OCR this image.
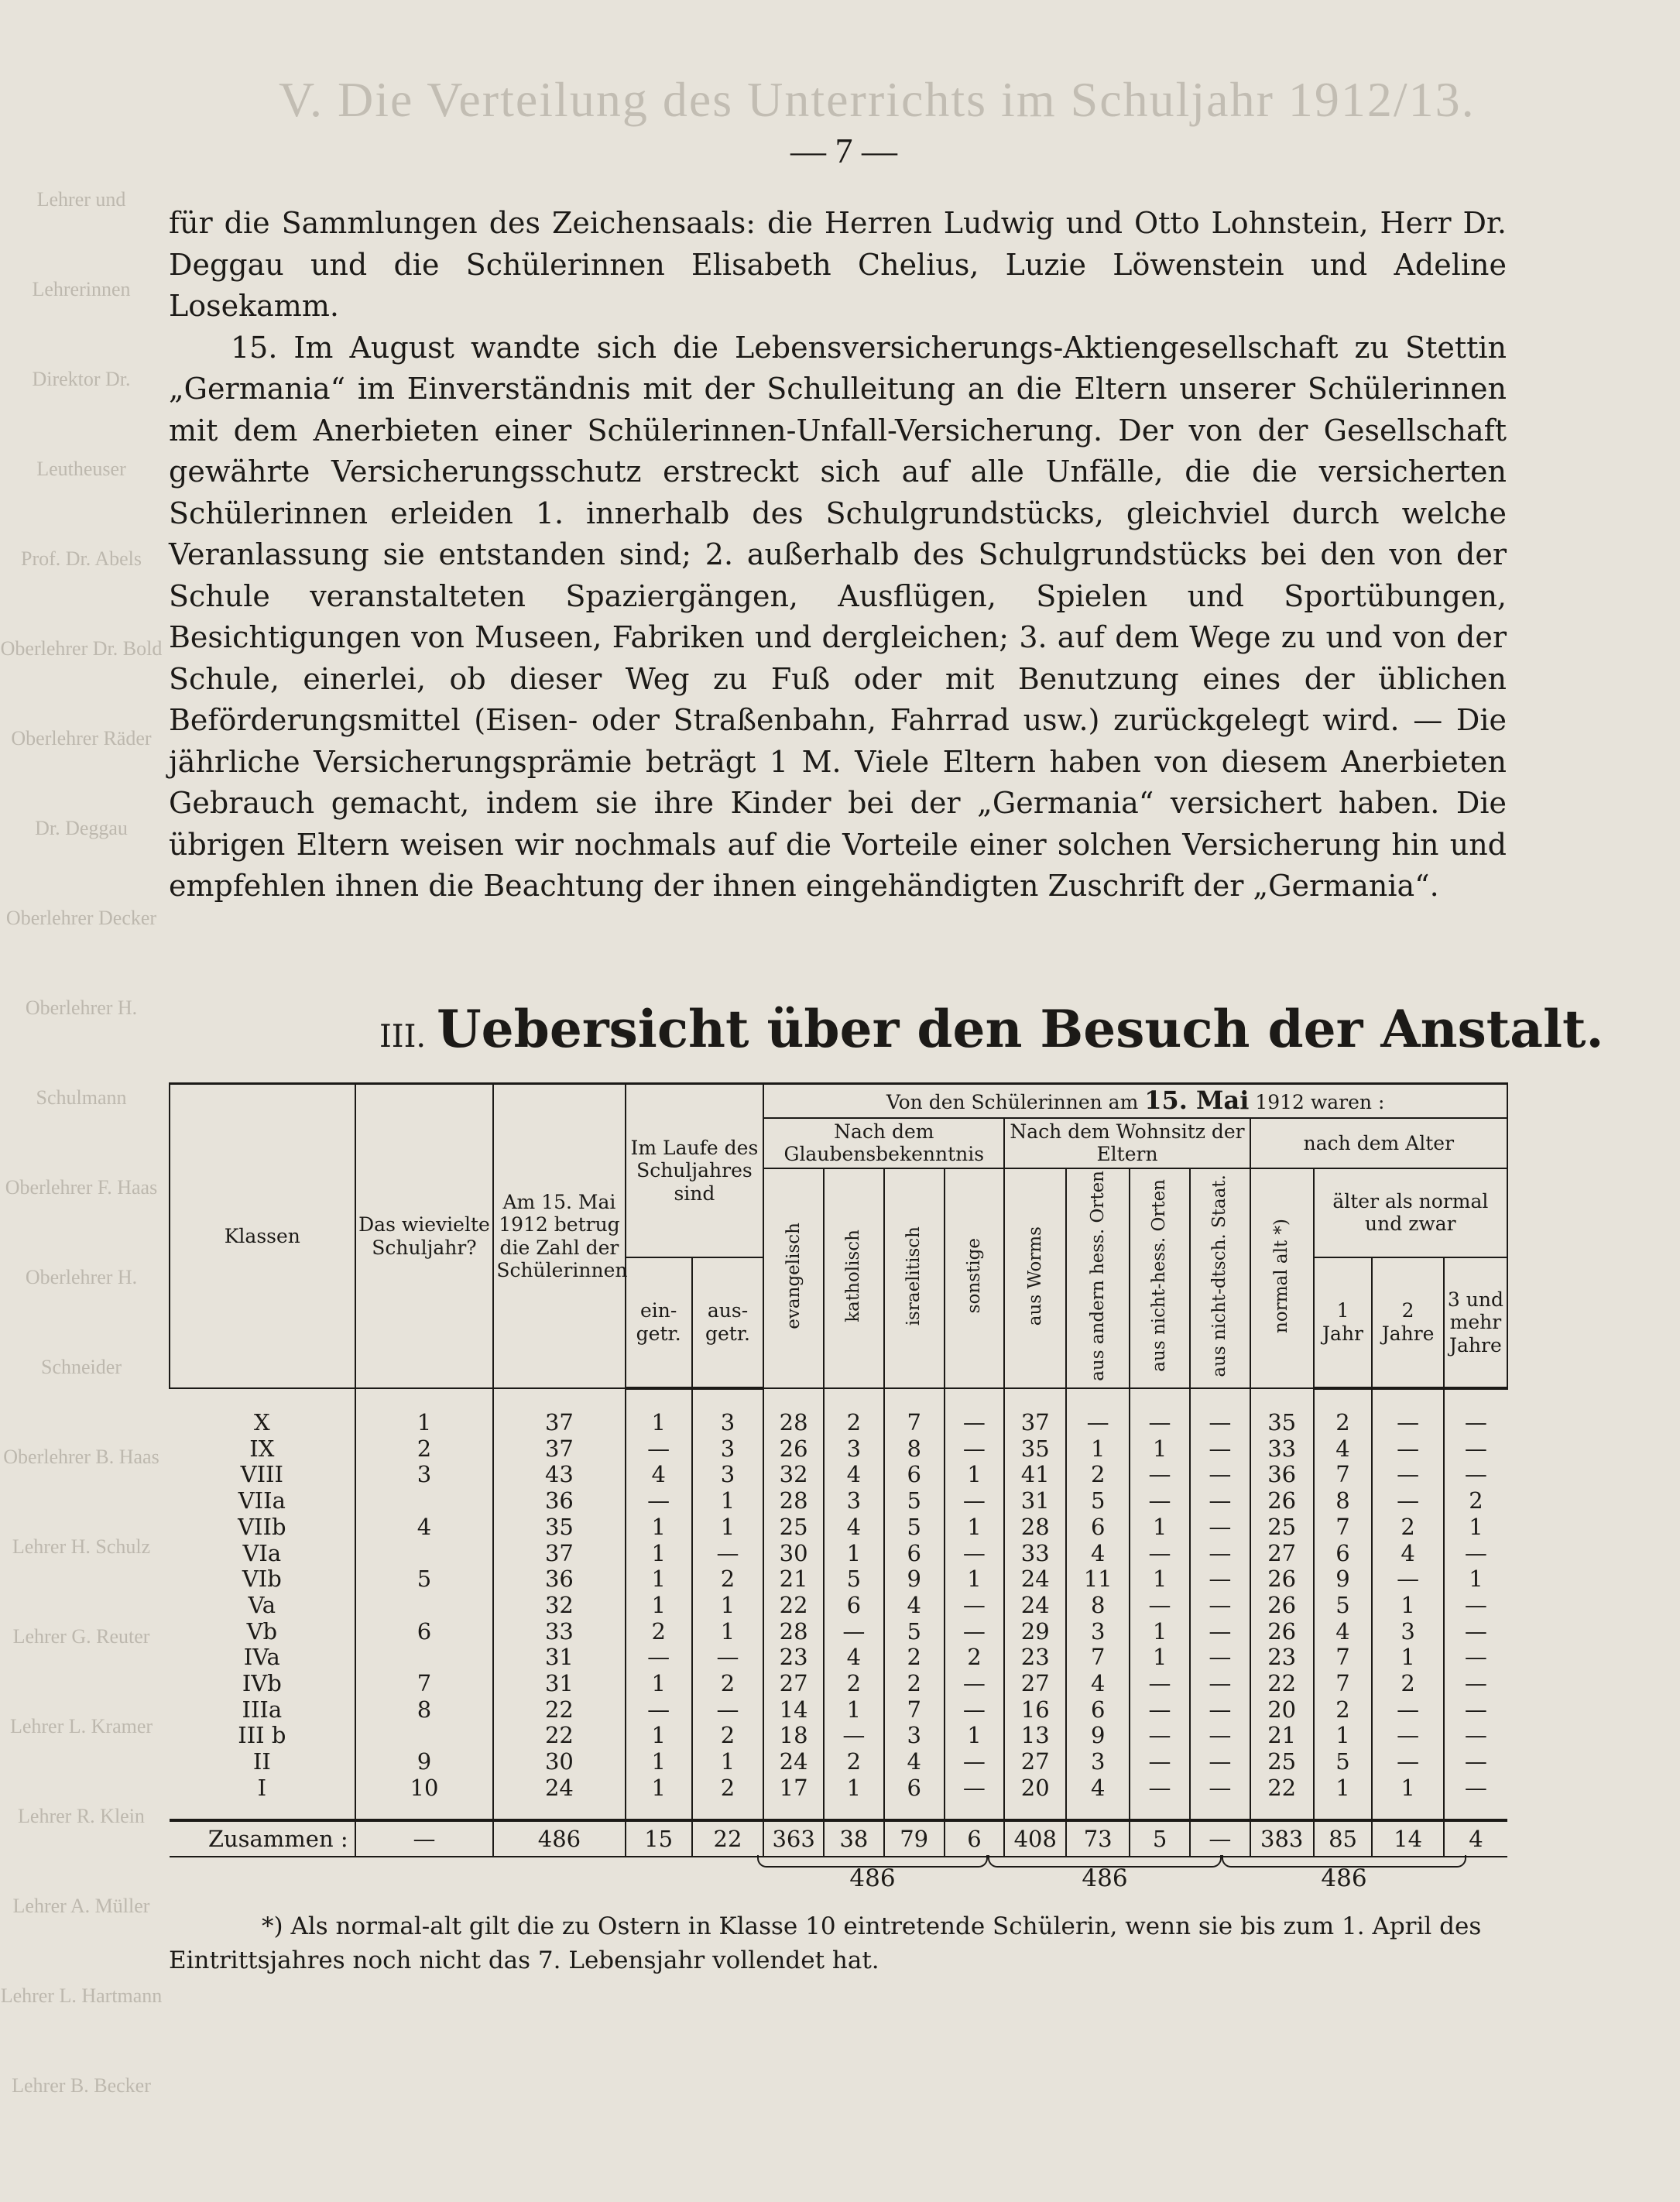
V. Die Verteilung des Unterrichts im Schuljahr 1912/13.
Lehrer und Lehrerinnen
Direktor Dr. Leutheuser
Prof. Dr. Abels
Oberlehrer Dr. Bold
Oberlehrer Räder
Dr. Deggau
Oberlehrer Decker
Oberlehrer H. Schulmann
Oberlehrer F. Haas
Oberlehrer H. Schneider
Oberlehrer B. Haas
Lehrer H. Schulz
Lehrer G. Reuter
Lehrer L. Kramer
Lehrer R. Klein
Lehrer A. Müller
Lehrer L. Hartmann
Lehrer B. Becker
— 7 —

für die Sammlungen des Zeichensaals: die Herren Ludwig und Otto Lohnstein, Herr Dr. Deggau und die Schülerinnen Elisabeth Chelius, Luzie Löwenstein und Adeline Losekamm.

15. Im August wandte sich die Lebensversicherungs-Aktiengesellschaft zu Stettin „Germania“ im Einverständnis mit der Schulleitung an die Eltern unserer Schülerinnen mit dem Anerbieten einer Schülerinnen-Unfall-Versicherung. Der von der Gesellschaft gewährte Versicherungsschutz erstreckt sich auf alle Unfälle, die die versicherten Schülerinnen erleiden 1. innerhalb des Schulgrundstücks, gleichviel durch welche Veranlassung sie entstanden sind; 2. außerhalb des Schulgrundstücks bei den von der Schule veranstalteten Spaziergängen, Ausflügen, Spielen und Sportübungen, Besichtigungen von Museen, Fabriken und dergleichen; 3. auf dem Wege zu und von der Schule, einerlei, ob dieser Weg zu Fuß oder mit Benutzung eines der üblichen Beförderungsmittel (Eisen- oder Straßenbahn, Fahrrad usw.) zurückgelegt wird. — Die jährliche Versicherungsprämie beträgt 1 M. Viele Eltern haben von diesem Anerbieten Gebrauch gemacht, indem sie ihre Kinder bei der „Germania“ versichert haben. Die übrigen Eltern weisen wir nochmals auf die Vorteile einer solchen Versicherung hin und empfehlen ihnen die Beachtung der ihnen eingehändigten Zuschrift der „Germania“.

III. Uebersicht über den Besuch der Anstalt.
Klassen	Das wievielte Schuljahr?	Am 15. Mai 1912 betrug die Zahl der Schülerinnen	Im Laufe des Schuljahres sind		Von den Schülerinnen am 15. Mai 1912 waren :											
					Nach dem Glaubensbekenntnis				Nach dem Wohnsitz der Eltern				nach dem Alter			
					evangelisch	katholisch	israelitisch	sonstige	aus Worms	aus andern hess. Orten	aus nicht-hess. Orten	aus nicht-dtsch. Staat.	normal alt *)	älter als normal und zwar		
			ein-getr.	aus-getr.										1 Jahr	2 Jahre	3 und mehr Jahre
X	1	37	1	3	28	2	7	—	37	—	—	—	35	2	—	—
IX	2	37	—	3	26	3	8	—	35	1	1	—	33	4	—	—
VIII	3	43	4	3	32	4	6	1	41	2	—	—	36	7	—	—
VIIa		36	—	1	28	3	5	—	31	5	—	—	26	8	—	2
VIIb	4	35	1	1	25	4	5	1	28	6	1	—	25	7	2	1
VIa		37	1	—	30	1	6	—	33	4	—	—	27	6	4	—
VIb	5	36	1	2	21	5	9	1	24	11	1	—	26	9	—	1
Va		32	1	1	22	6	4	—	24	8	—	—	26	5	1	—
Vb	6	33	2	1	28	—	5	—	29	3	1	—	26	4	3	—
IVa		31	—	—	23	4	2	2	23	7	1	—	23	7	1	—
IVb	7	31	1	2	27	2	2	—	27	4	—	—	22	7	2	—
IIIa	8	22	—	—	14	1	7	—	16	6	—	—	20	2	—	—
III b		22	1	2	18	—	3	1	13	9	—	—	21	1	—	—
II	9	30	1	1	24	2	4	—	27	3	—	—	25	5	—	—
I	10	24	1	2	17	1	6	—	20	4	—	—	22	1	1	—
Zusammen :	—	486	15	22	363	38	79	6	408	73	5	—	383	85	14	4
486	486	486

*) Als normal-alt gilt die zu Ostern in Klasse 10 eintretende Schülerin, wenn sie bis zum 1. April des Eintrittsjahres noch nicht das 7. Lebensjahr vollendet hat.
